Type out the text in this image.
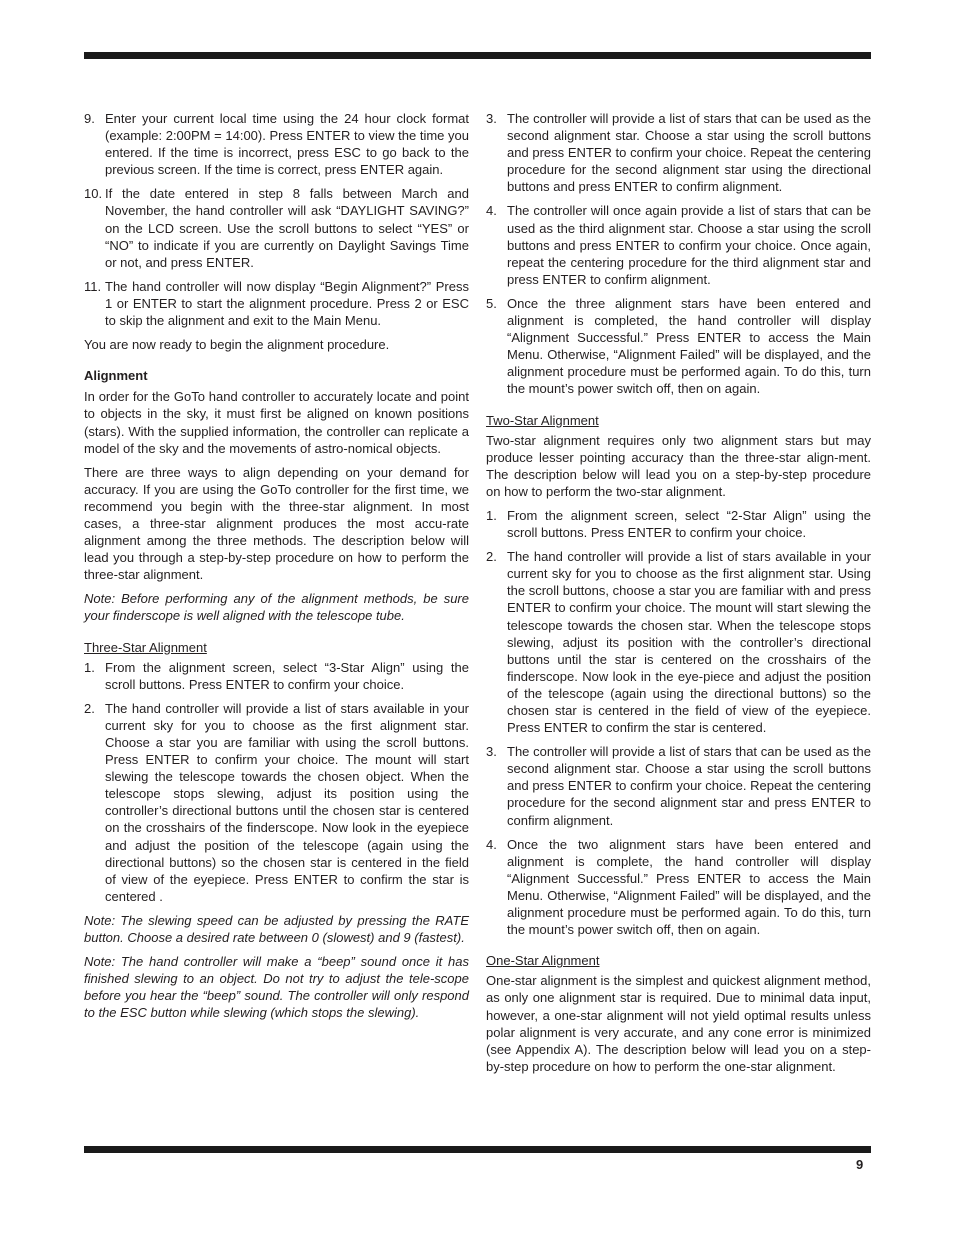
9. Enter your current local time using the 24 hour clock format (example: 2:00PM = 14:00). Press ENTER to view the time you entered. If the time is incorrect, press ESC to go back to the previous screen. If the time is correct, press ENTER again.
10. If the date entered in step 8 falls between March and November, the hand controller will ask “DAYLIGHT SAVING?” on the LCD screen. Use the scroll buttons to select “YES” or “NO” to indicate if you are currently on Daylight Savings Time or not, and press ENTER.
11. The hand controller will now display “Begin Alignment?” Press 1 or ENTER to start the alignment procedure. Press 2 or ESC to skip the alignment and exit to the Main Menu.

You are now ready to begin the alignment procedure.

Alignment

In order for the GoTo hand controller to accurately locate and point to objects in the sky, it must first be aligned on known positions (stars). With the supplied information, the controller can replicate a model of the sky and the movements of astro-nomical objects.

There are three ways to align depending on your demand for accuracy. If you are using the GoTo controller for the first time, we recommend you begin with the three-star alignment. In most cases, a three-star alignment produces the most accu-rate alignment among the three methods. The description below will lead you through a step-by-step procedure on how to perform the three-star alignment.

Note: Before performing any of the alignment methods, be sure your finderscope is well aligned with the telescope tube.

Three-Star Alignment

1. From the alignment screen, select “3-Star Align” using the scroll buttons. Press ENTER to confirm your choice.
2. The hand controller will provide a list of stars available in your current sky for you to choose as the first alignment star. Choose a star you are familiar with using the scroll buttons. Press ENTER to confirm your choice. The mount will start slewing the telescope towards the chosen object. When the telescope stops slewing, adjust its position using the controller’s directional buttons until the chosen star is centered on the crosshairs of the finderscope. Now look in the eyepiece and adjust the position of the telescope (again using the directional buttons) so the chosen star is centered in the field of view of the eyepiece. Press ENTER to confirm the star is centered .

Note: The slewing speed can be adjusted by pressing the RATE button. Choose a desired rate between 0 (slowest) and 9 (fastest).

Note: The hand controller will make a “beep” sound once it has finished slewing to an object. Do not try to adjust the tele-scope before you hear the “beep” sound. The controller will only respond to the ESC button while slewing (which stops the slewing).

3. The controller will provide a list of stars that can be used as the second alignment star. Choose a star using the scroll buttons and press ENTER to confirm your choice. Repeat the centering procedure for the second alignment star using the directional buttons and press ENTER to confirm alignment.
4. The controller will once again provide a list of stars that can be used as the third alignment star. Choose a star using the scroll buttons and press ENTER to confirm your choice. Once again, repeat the centering procedure for the third alignment star and press ENTER to confirm alignment.
5. Once the three alignment stars have been entered and alignment is completed, the hand controller will display “Alignment Successful.” Press ENTER to access the Main Menu. Otherwise, “Alignment Failed” will be displayed, and the alignment procedure must be performed again. To do this, turn the mount’s power switch off, then on again.

Two-Star Alignment

Two-star alignment requires only two alignment stars but may produce lesser pointing accuracy than the three-star align-ment. The description below will lead you on a step-by-step procedure on how to perform the two-star alignment.

1. From the alignment screen, select “2-Star Align” using the scroll buttons. Press ENTER to confirm your choice.
2. The hand controller will provide a list of stars available in your current sky for you to choose as the first alignment star. Using the scroll buttons, choose a star you are familiar with and press ENTER to confirm your choice. The mount will start slewing the telescope towards the chosen star. When the telescope stops slewing, adjust its position with the controller’s directional buttons until the star is centered on the crosshairs of the finderscope. Now look in the eye-piece and adjust the position of the telescope (again using the directional buttons) so the chosen star is centered in the field of view of the eyepiece. Press ENTER to confirm the star is centered.
3. The controller will provide a list of stars that can be used as the second alignment star. Choose a star using the scroll buttons and press ENTER to confirm your choice. Repeat the centering procedure for the second alignment star and press ENTER to confirm alignment.
4. Once the two alignment stars have been entered and alignment is complete, the hand controller will display “Alignment Successful.” Press ENTER to access the Main Menu. Otherwise, “Alignment Failed” will be displayed, and the alignment procedure must be performed again. To do this, turn the mount’s power switch off, then on again.

One-Star Alignment

One-star alignment is the simplest and quickest alignment method, as only one alignment star is required. Due to minimal data input, however, a one-star alignment will not yield optimal results unless polar alignment is very accurate, and any cone error is minimized (see Appendix A). The description below will lead you on a step-by-step procedure on how to perform the one-star alignment.

9
